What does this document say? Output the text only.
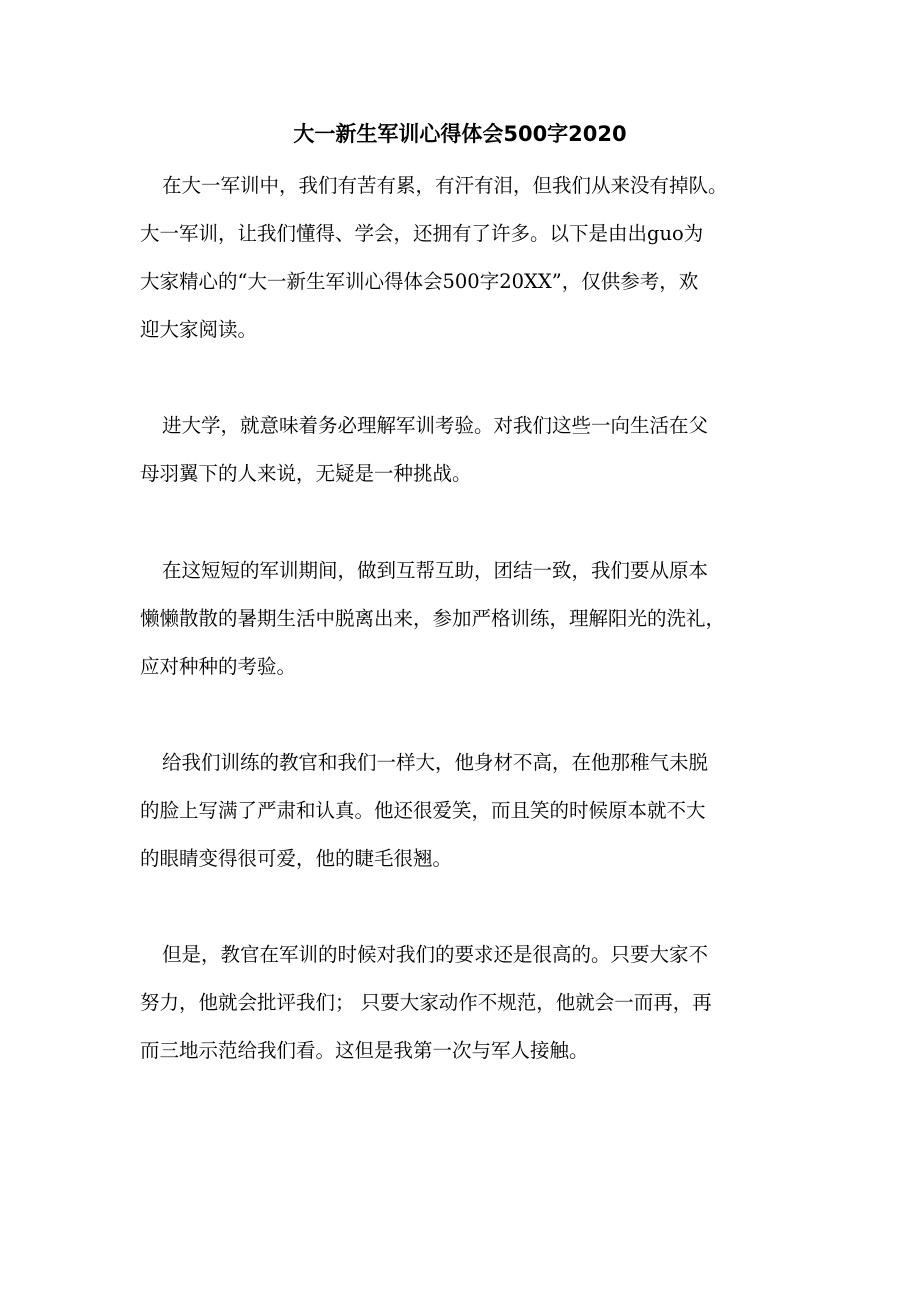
大一新生军训心得体会500字2020

在大一军训中，我们有苦有累，有汗有泪，但我们从来没有掉队。
大一军训，让我们懂得、学会，还拥有了许多。以下是由出guo为
大家精心的“大一新生军训心得体会500字20XX”，仅供参考，欢
迎大家阅读。

进大学，就意味着务必理解军训考验。对我们这些一向生活在父
母羽翼下的人来说，无疑是一种挑战。

在这短短的军训期间，做到互帮互助，团结一致，我们要从原本
懒懒散散的暑期生活中脱离出来，参加严格训练，理解阳光的洗礼，
应对种种的考验。

给我们训练的教官和我们一样大，他身材不高，在他那稚气未脱
的脸上写满了严肃和认真。他还很爱笑，而且笑的时候原本就不大
的眼睛变得很可爱，他的睫毛很翘。

但是，教官在军训的时候对我们的要求还是很高的。只要大家不
努力，他就会批评我们； 只要大家动作不规范，他就会一而再，再
而三地示范给我们看。这但是我第一次与军人接触。
